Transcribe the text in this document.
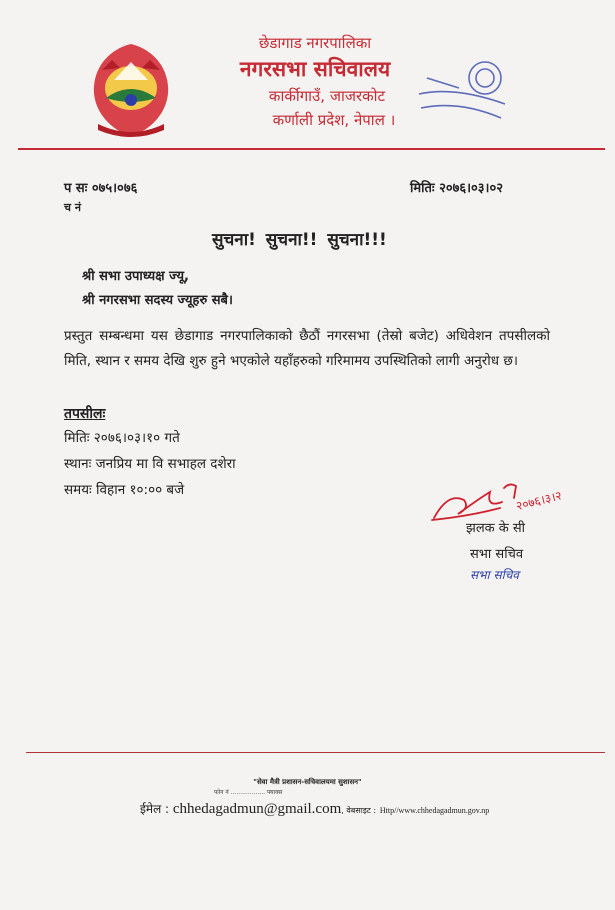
छेडागाड नगरपालिका
नगरसभा सचिवालय
कार्कीगाउँ, जाजरकोट
कर्णाली प्रदेश, नेपाल ।
प सः ०७५।०७६
च नं
मितिः २०७६।०३।०२
सुचना! सुचना!! सुचना!!!
श्री सभा उपाध्यक्ष ज्यू,
श्री नगरसभा सदस्य ज्यूहरु सबै।
प्रस्तुत सम्बन्धमा यस छेडागाड नगरपालिकाको छैठौं नगरसभा (तेस्रो बजेट) अधिवेशन तपसीलको मिति, स्थान र समय देखि शुरु हुने भएकोले यहाँहरुको गरिमामय उपस्थितिको लागी अनुरोध छ।
तपसीलः
मितिः २०७६।०३।१० गते
स्थानः जनप्रिय मा वि सभाहल दशेरा
समयः विहान १०:०० बजे	२०७६।३।२
झलक के सी
सभा सचिव
सभा सचिव
"सेवा मैत्री प्रशासन-सचिवालयमा सुशासन"
फोन नं .................. फ्याक्स
ईमेल : chhedagadmun@gmail.com, वेबसाइट : Http//www.chhedagadmun.gov.np
